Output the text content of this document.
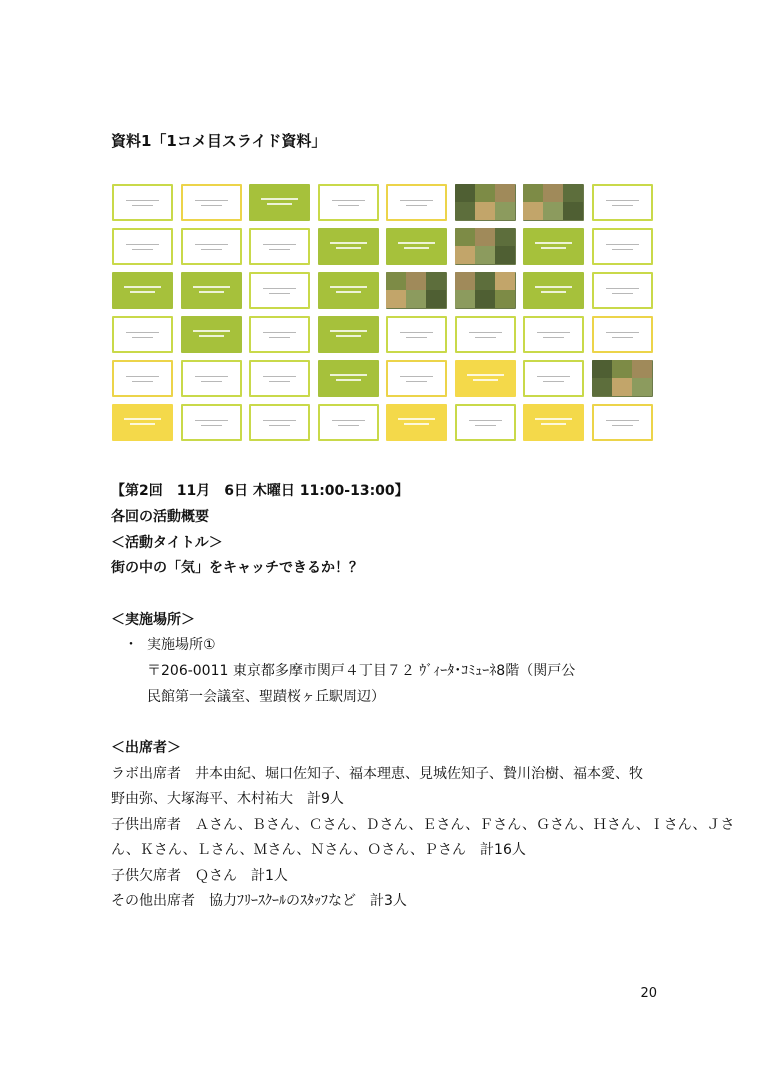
資料1「1コメ目スライド資料」
【第2回　11月　6日 木曜日 11:00-13:00】
各回の活動概要
＜活動タイトル＞
街の中の「気」をキャッチできるか！？
＜実施場所＞
・ 実施場所①
〒206-0011 東京都多摩市関戸４丁目７２ ｳﾞｨｰﾀ･ｺﾐｭｰﾈ8階（関戸公
民館第一会議室、聖蹟桜ヶ丘駅周辺）
＜出席者＞
ラボ出席者　井本由紀、堀口佐知子、福本理恵、見城佐知子、贄川治樹、福本愛、牧
野由弥、大塚海平、木村祐大　計9人
子供出席者　Ａさん、Ｂさん、Ｃさん、Ｄさん、Ｅさん、Ｆさん、Ｇさん、Ｈさん、Ｉさん、Ｊさ
ん、Ｋさん、Ｌさん、Ｍさん、Ｎさん、Ｏさん、Ｐさん　計16人
子供欠席者　Ｑさん　計1人
その他出席者　協力ﾌﾘｰｽｸｰﾙのｽﾀｯﾌなど　計3人
20
